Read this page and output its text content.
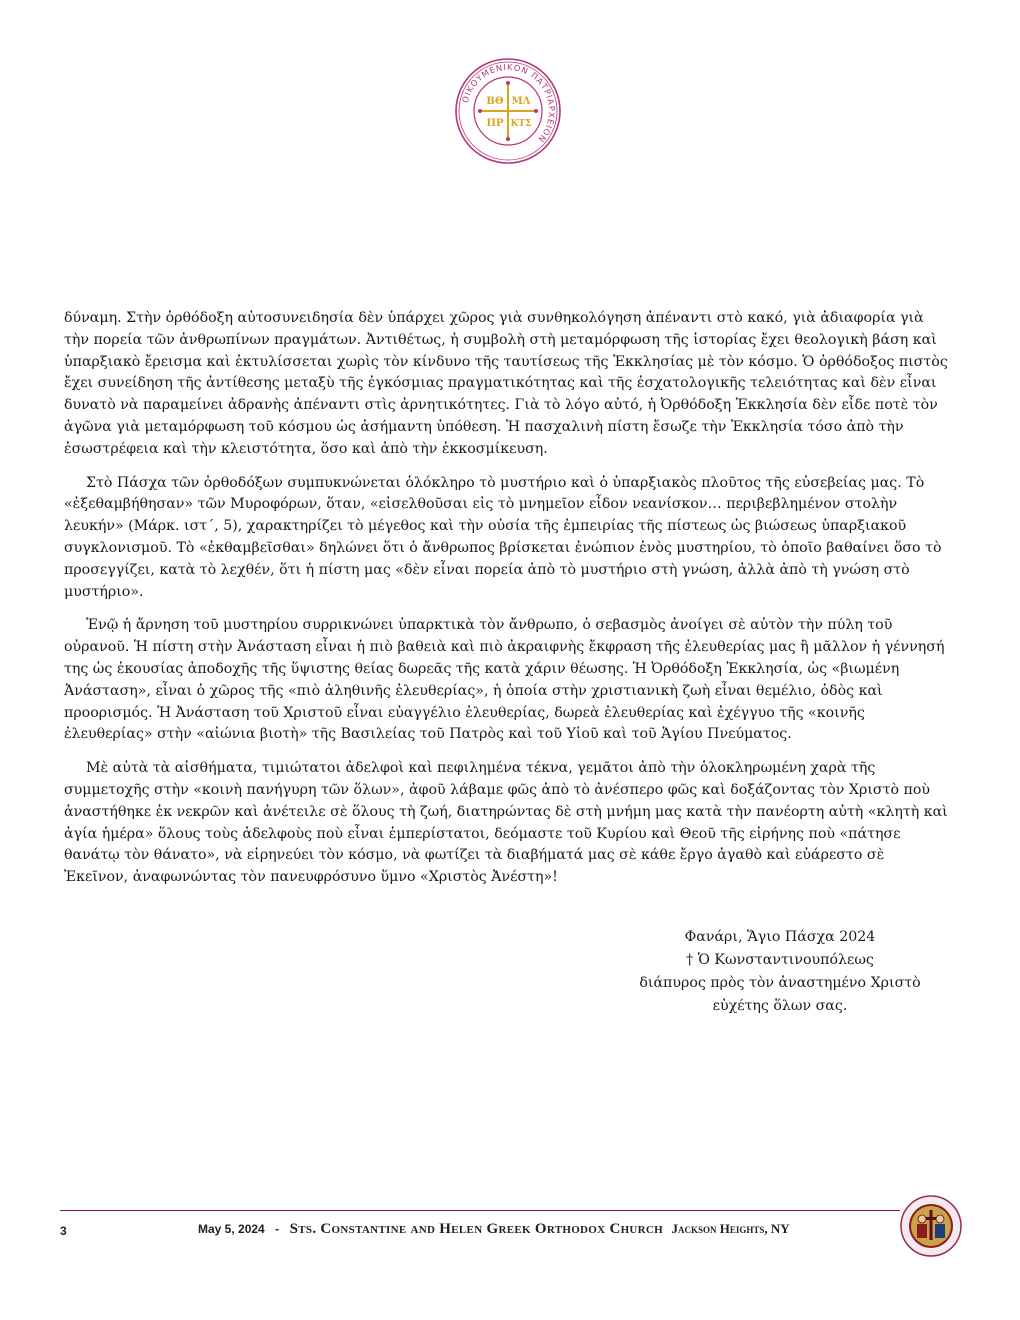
ΟΙΚΟΥΜΕΝΙΚΟΝ ΠΑΤΡΙΑΡΧΕΙΟΝ
ΒΘ ΜΛ
ΠΡ ΚΤΣ

δύναμη. Στὴν ὀρθόδοξη αὐτοσυνειδησία δὲν ὑπάρχει χῶρος γιὰ συνθηκολόγηση ἀπέναντι στὸ κακό, γιὰ ἀδιαφορία γιὰ τὴν πορεία τῶν ἀνθρωπίνων πραγμάτων. Ἀντιθέτως, ἡ συμβολὴ στὴ μεταμόρφωση τῆς ἱστορίας ἔχει θεολογικὴ βάση καὶ ὑπαρξιακὸ ἔρεισμα καὶ ἐκτυλίσσεται χωρὶς τὸν κίνδυνο τῆς ταυτίσεως τῆς Ἐκκλησίας μὲ τὸν κόσμο. Ὁ ὀρθόδοξος πιστὸς ἔχει συνείδηση τῆς ἀντίθεσης μεταξὺ τῆς ἐγκόσμιας πραγματικότητας καὶ τῆς ἐσχατολογικῆς τελειότητας καὶ δὲν εἶναι δυνατὸ νὰ παραμείνει ἀδρανὴς ἀπέναντι στὶς ἀρνητικότητες. Γιὰ τὸ λόγο αὐτό, ἡ Ὀρθόδοξη Ἐκκλησία δὲν εἶδε ποτὲ τὸν ἀγῶνα γιὰ μεταμόρφωση τοῦ κόσμου ὡς ἀσήμαντη ὑπόθεση. Ἡ πασχαλινὴ πίστη ἔσωζε τὴν Ἐκκλησία τόσο ἀπὸ τὴν ἐσωστρέφεια καὶ τὴν κλειστότητα, ὅσο καὶ ἀπὸ τὴν ἐκκοσμίκευση.

Στὸ Πάσχα τῶν ὀρθοδόξων συμπυκνώνεται ὁλόκληρο τὸ μυστήριο καὶ ὁ ὑπαρξιακὸς πλοῦτος τῆς εὐσεβείας μας. Τὸ «ἐξεθαμβήθησαν» τῶν Μυροφόρων, ὅταν, «εἰσελθοῦσαι εἰς τὸ μνημεῖον εἶδον νεανίσκον… περιβεβλημένον στολὴν λευκήν» (Μάρκ. ιστ´, 5), χαρακτηρίζει τὸ μέγεθος καὶ τὴν οὐσία τῆς ἐμπειρίας τῆς πίστεως ὡς βιώσεως ὑπαρξιακοῦ συγκλονισμοῦ. Τὸ «ἐκθαμβεῖσθαι» δηλώνει ὅτι ὁ ἄνθρωπος βρίσκεται ἐνώπιον ἑνὸς μυστηρίου, τὸ ὁποῖο βαθαίνει ὅσο τὸ προσεγγίζει, κατὰ τὸ λεχθέν, ὅτι ἡ πίστη μας «δὲν εἶναι πορεία ἀπὸ τὸ μυστήριο στὴ γνώση, ἀλλὰ ἀπὸ τὴ γνώση στὸ μυστήριο».

Ἐνῷ ἡ ἄρνηση τοῦ μυστηρίου συρρικνώνει ὑπαρκτικὰ τὸν ἄνθρωπο, ὁ σεβασμὸς ἀνοίγει σὲ αὐτὸν τὴν πύλη τοῦ οὐρανοῦ. Ἡ πίστη στὴν Ἀνάσταση εἶναι ἡ πιὸ βαθειὰ καὶ πιὸ ἀκραιφνὴς ἔκφραση τῆς ἐλευθερίας μας ἢ μᾶλλον ἡ γέννησή της ὡς ἐκουσίας ἀποδοχῆς τῆς ὕψιστης θείας δωρεᾶς τῆς κατὰ χάριν θέωσης. Ἡ Ὀρθόδοξη Ἐκκλησία, ὡς «βιωμένη Ἀνάσταση», εἶναι ὁ χῶρος τῆς «πιὸ ἀληθινῆς ἐλευθερίας», ἡ ὁποία στὴν χριστιανικὴ ζωὴ εἶναι θεμέλιο, ὁδὸς καὶ προορισμός. Ἡ Ἀνάσταση τοῦ Χριστοῦ εἶναι εὐαγγέλιο ἐλευθερίας, δωρεὰ ἐλευθερίας καὶ ἐχέγγυο τῆς «κοινῆς ἐλευθερίας» στὴν «αἰώνια βιοτὴ» τῆς Βασιλείας τοῦ Πατρὸς καὶ τοῦ Υἱοῦ καὶ τοῦ Ἁγίου Πνεύματος.

Μὲ αὐτὰ τὰ αἰσθήματα, τιμιώτατοι ἀδελφοὶ καὶ πεφιλημένα τέκνα, γεμᾶτοι ἀπὸ τὴν ὁλοκληρωμένη χαρὰ τῆς συμμετοχῆς στὴν «κοινὴ πανήγυρη τῶν ὅλων», ἀφοῦ λάβαμε φῶς ἀπὸ τὸ ἀνέσπερο φῶς καὶ δοξάζοντας τὸν Χριστὸ ποὺ ἀναστήθηκε ἐκ νεκρῶν καὶ ἀνέτειλε σὲ ὅλους τὴ ζωή, διατηρώντας δὲ στὴ μνήμη μας κατὰ τὴν πανέορτη αὐτὴ «κλητὴ καὶ ἁγία ἡμέρα» ὅλους τοὺς ἀδελφοὺς ποὺ εἶναι ἐμπερίστατοι, δεόμαστε τοῦ Κυρίου καὶ Θεοῦ τῆς εἰρήνης ποὺ «πάτησε θανάτῳ τὸν θάνατο», νὰ εἰρηνεύει τὸν κόσμο, νὰ φωτίζει τὰ διαβήματά μας σὲ κάθε ἔργο ἀγαθὸ καὶ εὐάρεστο σὲ Ἐκεῖνον, ἀναφωνώντας τὸν πανευφρόσυνο ὕμνο «Χριστὸς Ἀνέστη»!

Φανάρι, Ἅγιο Πάσχα 2024
† Ὁ Κωνσταντινουπόλεως
διάπυρος πρὸς τὸν ἀναστημένο Χριστὸ
εὐχέτης ὅλων σας.
3	May 5, 2024 - Sts. Constantine and Helen Greek Orthodox Church Jackson Heights, NY
